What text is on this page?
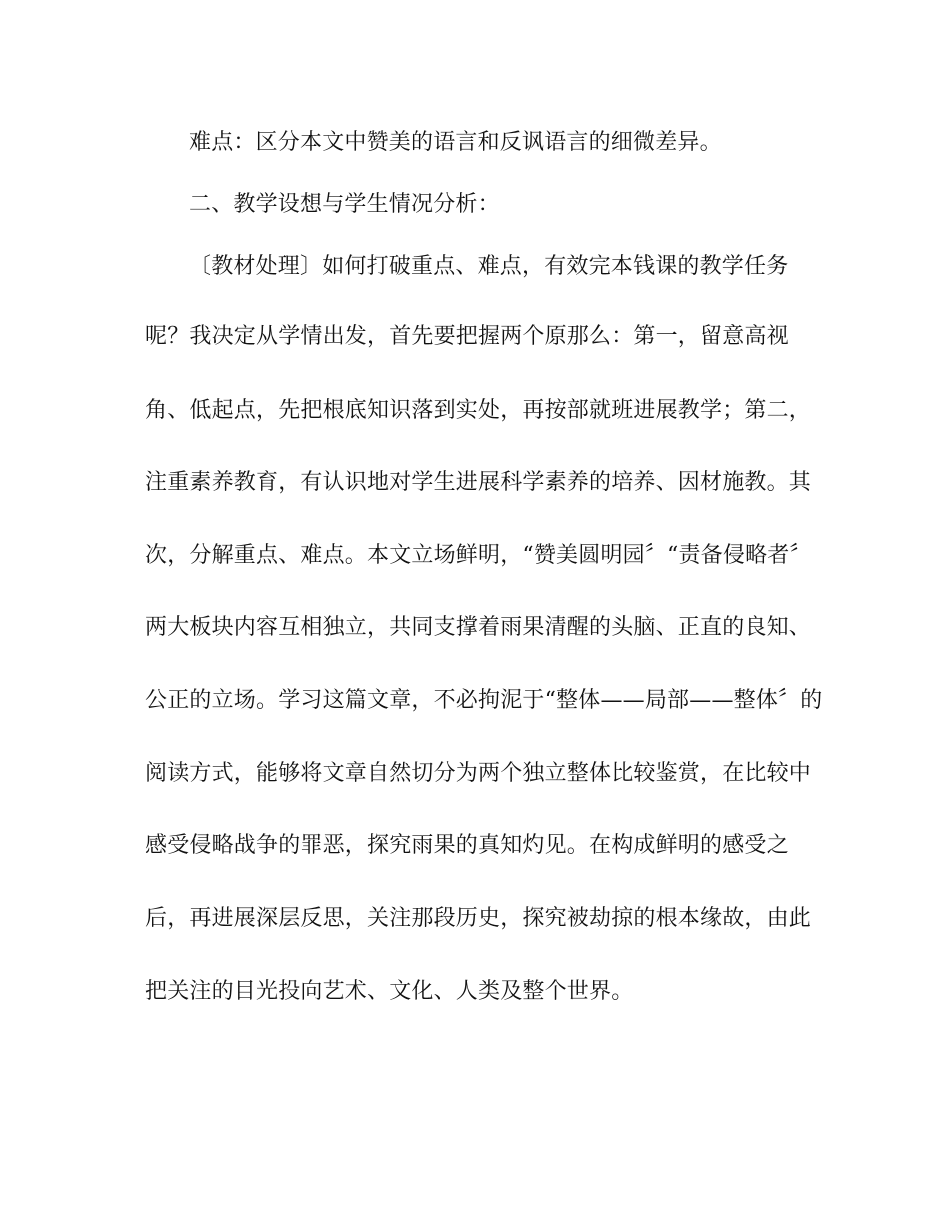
难点：区分本文中赞美的语言和反讽语言的细微差异。
二、教学设想与学生情况分析：
〔教材处理〕如何打破重点、难点，有效完本钱课的教学任务
呢？我决定从学情出发，首先要把握两个原那么：第一，留意高视
角、低起点，先把根底知识落到实处，再按部就班进展教学；第二，
注重素养教育，有认识地对学生进展科学素养的培养、因材施教。其
次，分解重点、难点。本文立场鲜明，“赞美圆明园〞“责备侵略者〞
两大板块内容互相独立，共同支撑着雨果清醒的头脑、正直的良知、
公正的立场。学习这篇文章，不必拘泥于“整体——局部——整体〞的
阅读方式，能够将文章自然切分为两个独立整体比较鉴赏，在比较中
感受侵略战争的罪恶，探究雨果的真知灼见。在构成鲜明的感受之
后，再进展深层反思，关注那段历史，探究被劫掠的根本缘故，由此
把关注的目光投向艺术、文化、人类及整个世界。
